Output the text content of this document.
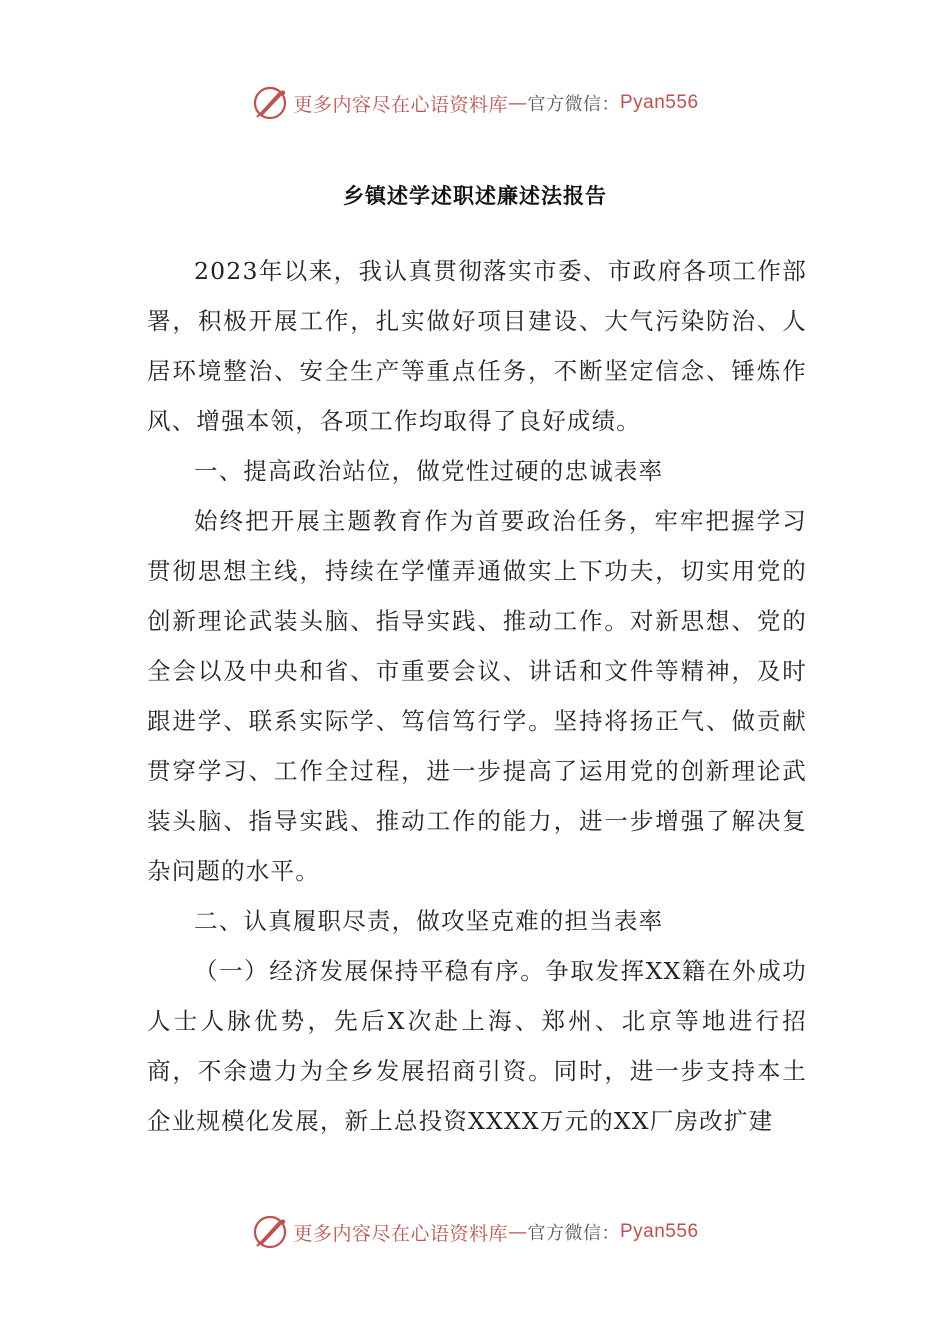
更多内容尽在心语资料库 — 官方微信： Pyan556
乡镇述学述职述廉述法报告

2023年以来，我认真贯彻落实市委、市政府各项工作部署，积极开展工作，扎实做好项目建设、大气污染防治、人居环境整治、安全生产等重点任务，不断坚定信念、锤炼作风、增强本领，各项工作均取得了良好成绩。

一、提高政治站位，做党性过硬的忠诚表率

始终把开展主题教育作为首要政治任务，牢牢把握学习贯彻思想主线，持续在学懂弄通做实上下功夫，切实用党的创新理论武装头脑、指导实践、推动工作。对新思想、党的全会以及中央和省、市重要会议、讲话和文件等精神，及时跟进学、联系实际学、笃信笃行学。坚持将扬正气、做贡献贯穿学习、工作全过程，进一步提高了运用党的创新理论武装头脑、指导实践、推动工作的能力，进一步增强了解决复杂问题的水平。

二、认真履职尽责，做攻坚克难的担当表率

（一）经济发展保持平稳有序。争取发挥XX籍在外成功人士人脉优势，先后X次赴上海、郑州、北京等地进行招商，不余遗力为全乡发展招商引资。同时，进一步支持本土企业规模化发展，新上总投资XXXX万元的XX厂房改扩建

更多内容尽在心语资料库 — 官方微信： Pyan556
